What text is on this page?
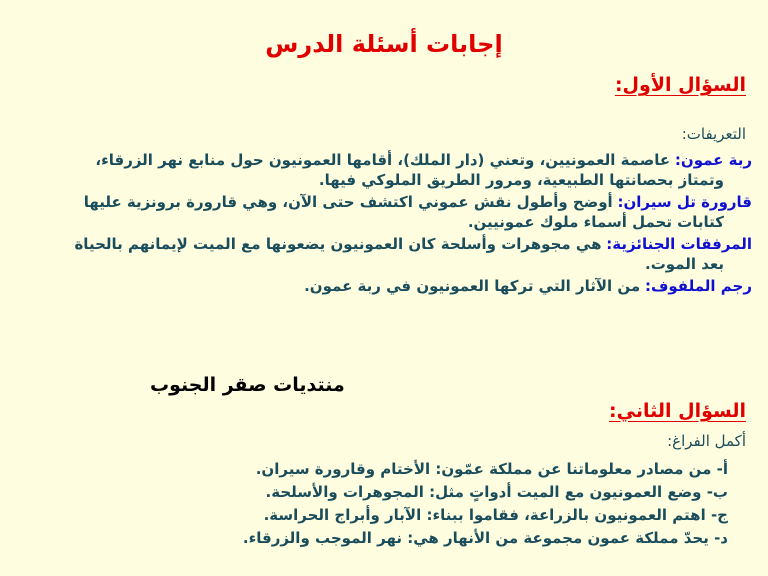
إجابات أسئلة الدرس
السؤال الأول:
التعريفات:
ربة عمون: عاصمة العمونيين، وتعني (دار الملك)، أقامها العمونيون حول منابع نهر الزرقاء،
وتمتاز بحصانتها الطبيعية، ومرور الطريق الملوكي فيها.
قارورة تل سيران: أوضح وأطول نقش عموني اكتشف حتى الآن، وهي قارورة برونزية عليها
كتابات تحمل أسماء ملوك عمونيين.
المرفقات الجنائزية: هي مجوهرات وأسلحة كان العمونيون يضعونها مع الميت لإيمانهم بالحياة
بعد الموت.
رجم الملفوف: من الآثار التي تركها العمونيون في ربة عمون.
منتديات صقر الجنوب
السؤال الثاني:
أكمل الفراغ:
أ- من مصادر معلوماتنا عن مملكة عمّون: الأختام وقارورة سيران.
ب- وضع العمونيون مع الميت أدواتٍ مثل: المجوهرات والأسلحة.
ج- اهتم العمونيون بالزراعة، فقاموا ببناء: الآبار وأبراج الحراسة.
د- يحدّ مملكة عمون مجموعة من الأنهار هي: نهر الموجب والزرقاء.
